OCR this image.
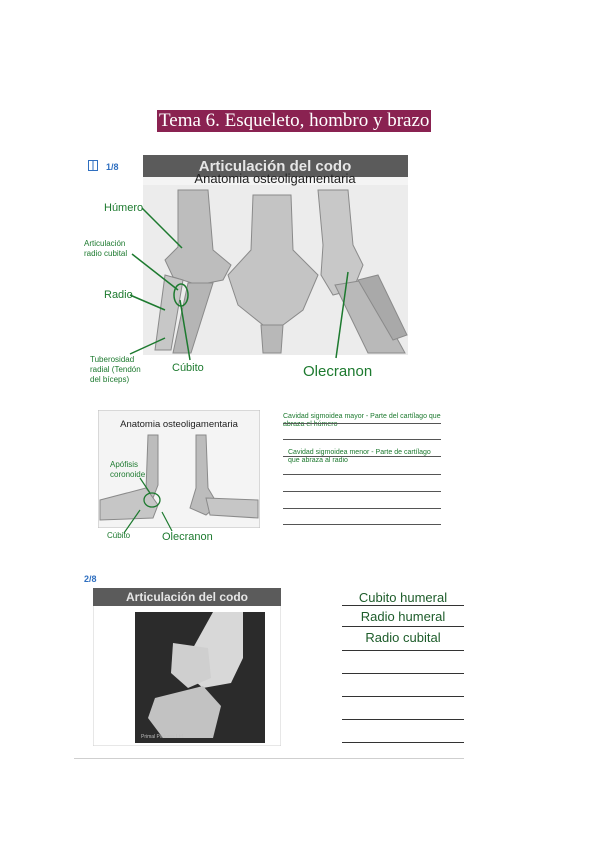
Tema 6. Esqueleto, hombro y brazo
1/8	Articulación del codo
Anatomia osteoligamentaria
Húmero
Articulación radio cubital
Radio
Tuberosidad radial (Tendón del bíceps)
Cúbito	Olecranon
Anatomia osteoligamentaria
Apófisis coronoide
Cúbito	Olecranon
Cavidad sigmoidea mayor - Parte del cartílago que abraza el húmero
Cavidad sigmoidea menor - Parte de cartílago que abraza al radio
2/8
Articulación del codo
Primal Pictures Ltd.
Cubito humeral
Radio humeral
Radio cubital
